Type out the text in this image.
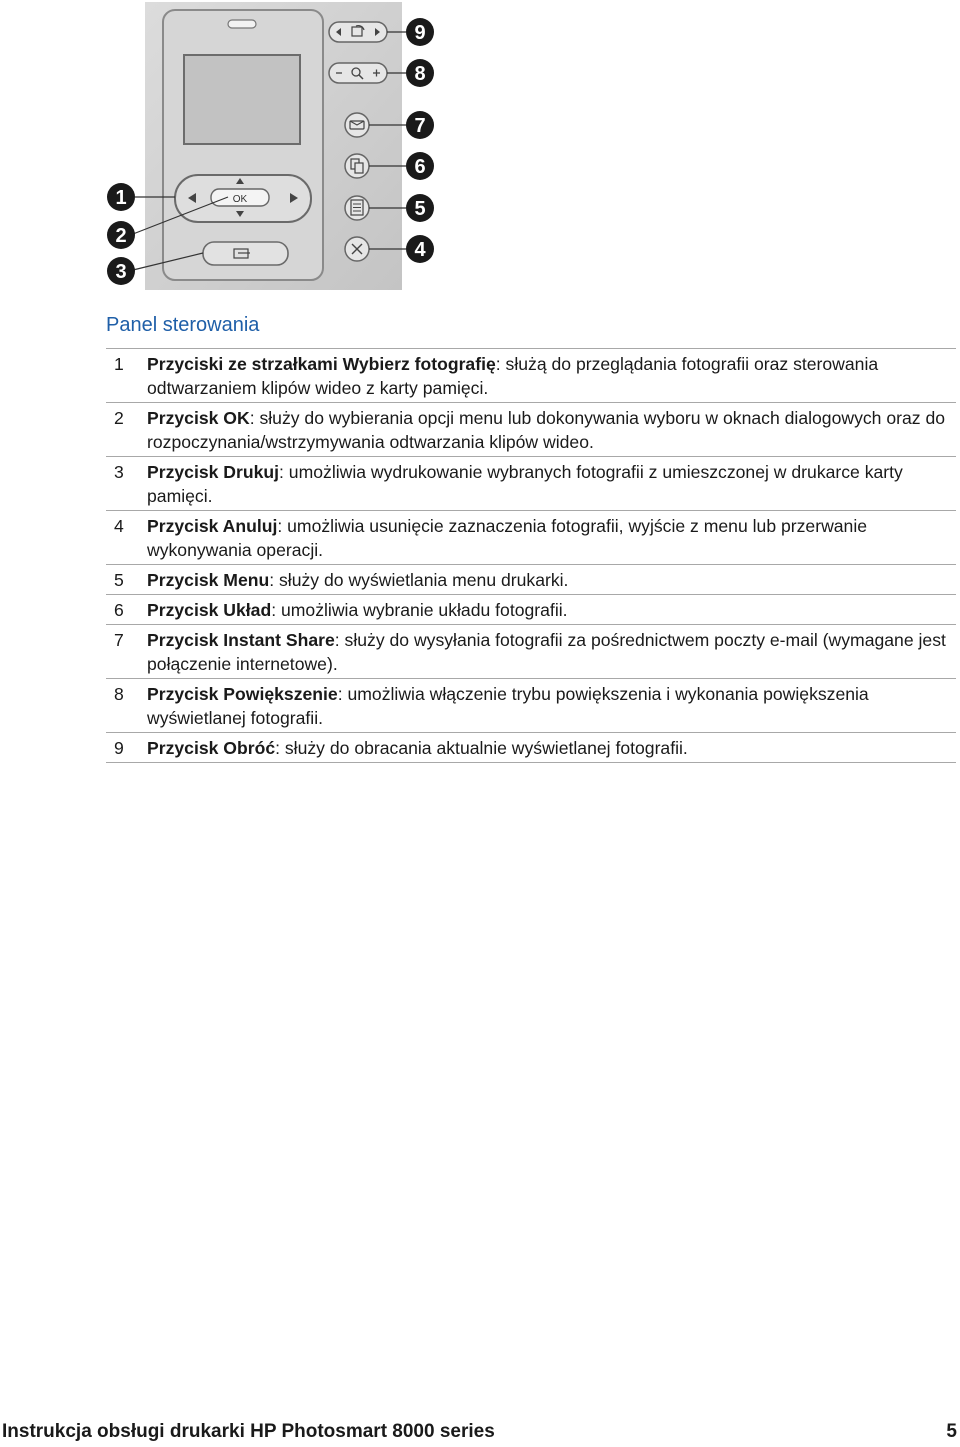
OK
1
2
3
4
5
6
7
8
9
Panel sterowania
1	Przyciski ze strzałkami Wybierz fotografię: służą do przeglądania fotografii oraz sterowania odtwarzaniem klipów wideo z karty pamięci.
2	Przycisk OK: służy do wybierania opcji menu lub dokonywania wyboru w oknach dialogowych oraz do rozpoczynania/wstrzymywania odtwarzania klipów wideo.
3	Przycisk Drukuj: umożliwia wydrukowanie wybranych fotografii z umieszczonej w drukarce karty pamięci.
4	Przycisk Anuluj: umożliwia usunięcie zaznaczenia fotografii, wyjście z menu lub przerwanie wykonywania operacji.
5	Przycisk Menu: służy do wyświetlania menu drukarki.
6	Przycisk Układ: umożliwia wybranie układu fotografii.
7	Przycisk Instant Share: służy do wysyłania fotografii za pośrednictwem poczty e-mail (wymagane jest połączenie internetowe).
8	Przycisk Powiększenie: umożliwia włączenie trybu powiększenia i wykonania powiększenia wyświetlanej fotografii.
9	Przycisk Obróć: służy do obracania aktualnie wyświetlanej fotografii.
Instrukcja obsługi drukarki HP Photosmart 8000 series	5
